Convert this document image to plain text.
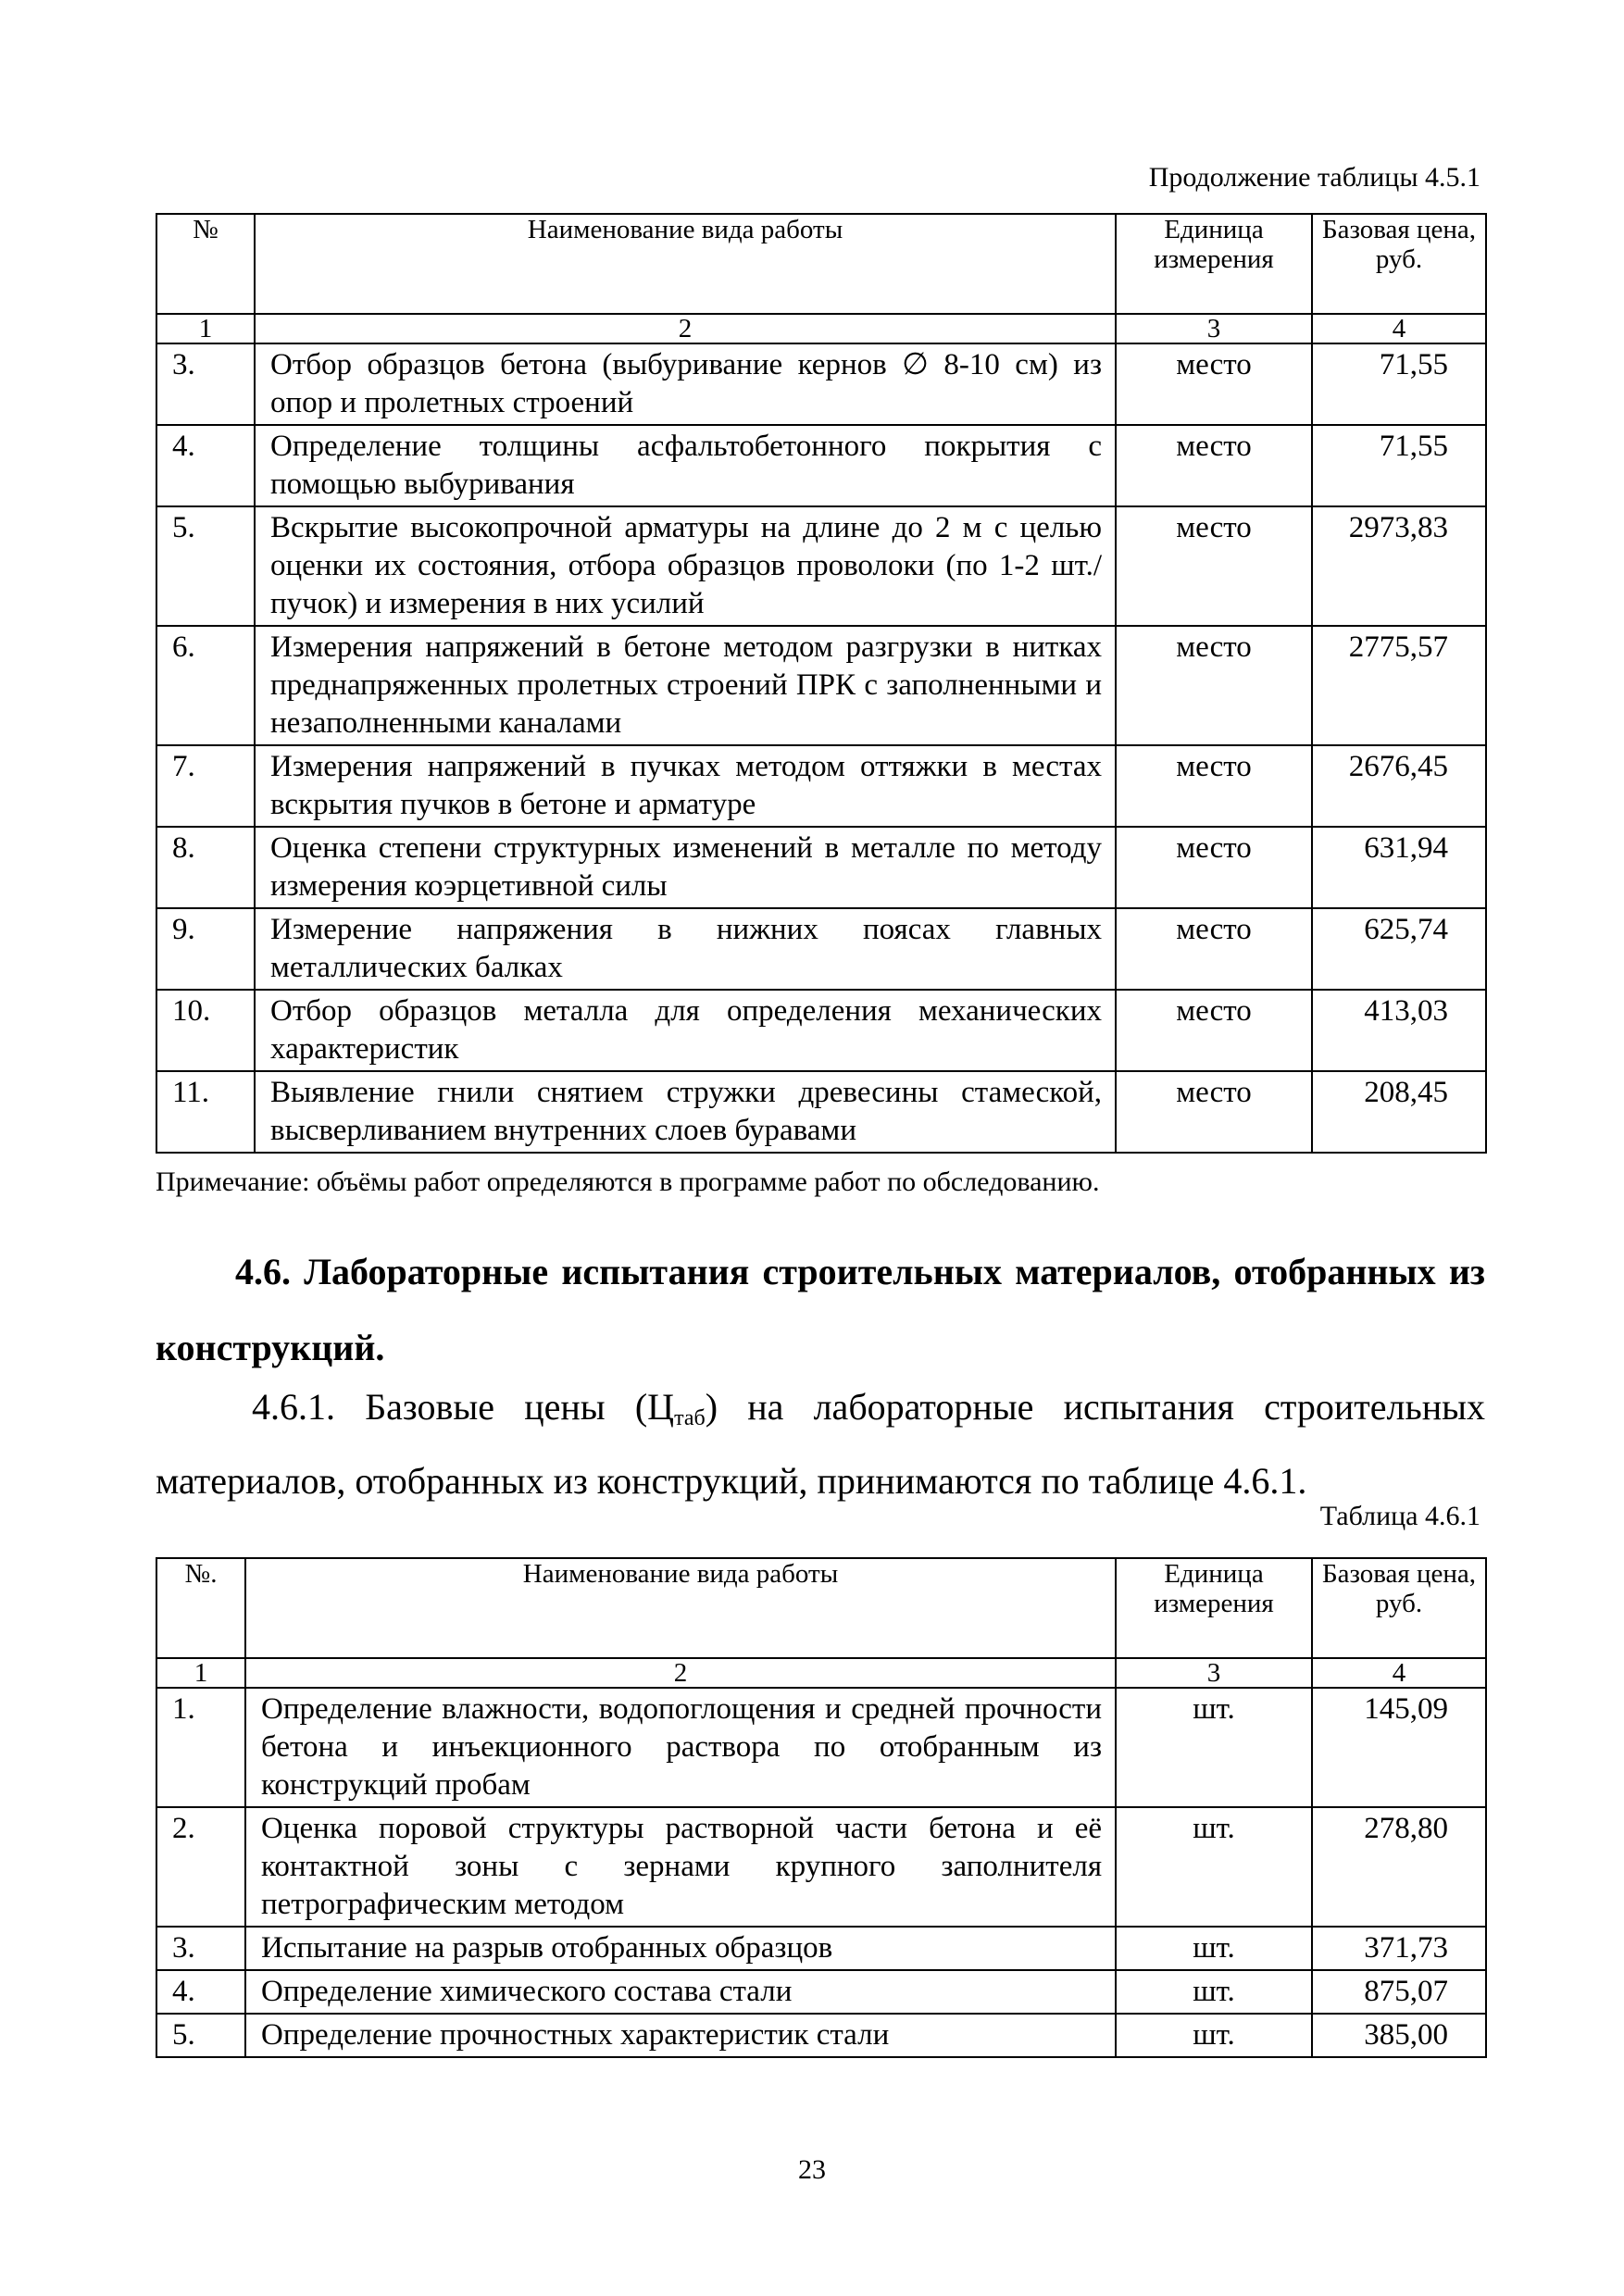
Продолжение таблицы 4.5.1
№	Наименование вида работы	Единица измерения	Базовая цена, руб.
1	2	3	4
3.	Отбор образцов бетона (выбуривание кернов ∅ 8-10 см) из опор и пролетных строений	место	71,55
4.	Определение толщины асфальтобетонного покрытия с помощью выбуривания	место	71,55
5.	Вскрытие высокопрочной арматуры на длине до 2 м с целью оценки их состояния, отбора образцов проволоки (по 1-2 шт./пучок) и измерения в них усилий	место	2973,83
6.	Измерения напряжений в бетоне методом разгрузки в нитках преднапряженных пролетных строений ПРК с заполненными и незаполненными каналами	место	2775,57
7.	Измерения напряжений в пучках методом оттяжки в местах вскрытия пучков в бетоне и арматуре	место	2676,45
8.	Оценка степени структурных изменений в металле по методу измерения коэрцетивной силы	место	631,94
9.	Измерение напряжения в нижних поясах главных металлических балках	место	625,74
10.	Отбор образцов металла для определения механических характеристик	место	413,03
11.	Выявление гнили снятием стружки древесины стамеской, высверливанием внутренних слоев буравами	место	208,45
Примечание: объёмы работ определяются в программе работ по обследованию.
4.6. Лабораторные испытания строительных материалов, отобранных из конструкций.
4.6.1. Базовые цены $(Ц_{таб})$ на лабораторные испытания строительных материалов, отобранных из конструкций, принимаются по таблице 4.6.1.
Таблица 4.6.1
№.	Наименование вида работы	Единица измерения	Базовая цена, руб.
1	2	3	4
1.	Определение влажности, водопоглощения и средней прочности бетона и инъекционного раствора по отобранным из конструкций пробам	шт.	145,09
2.	Оценка поровой структуры растворной части бетона и её контактной зоны с зернами крупного заполнителя петрографическим методом	шт.	278,80
3.	Испытание на разрыв отобранных образцов	шт.	371,73
4.	Определение химического состава стали	шт.	875,07
5.	Определение прочностных характеристик стали	шт.	385,00
23
